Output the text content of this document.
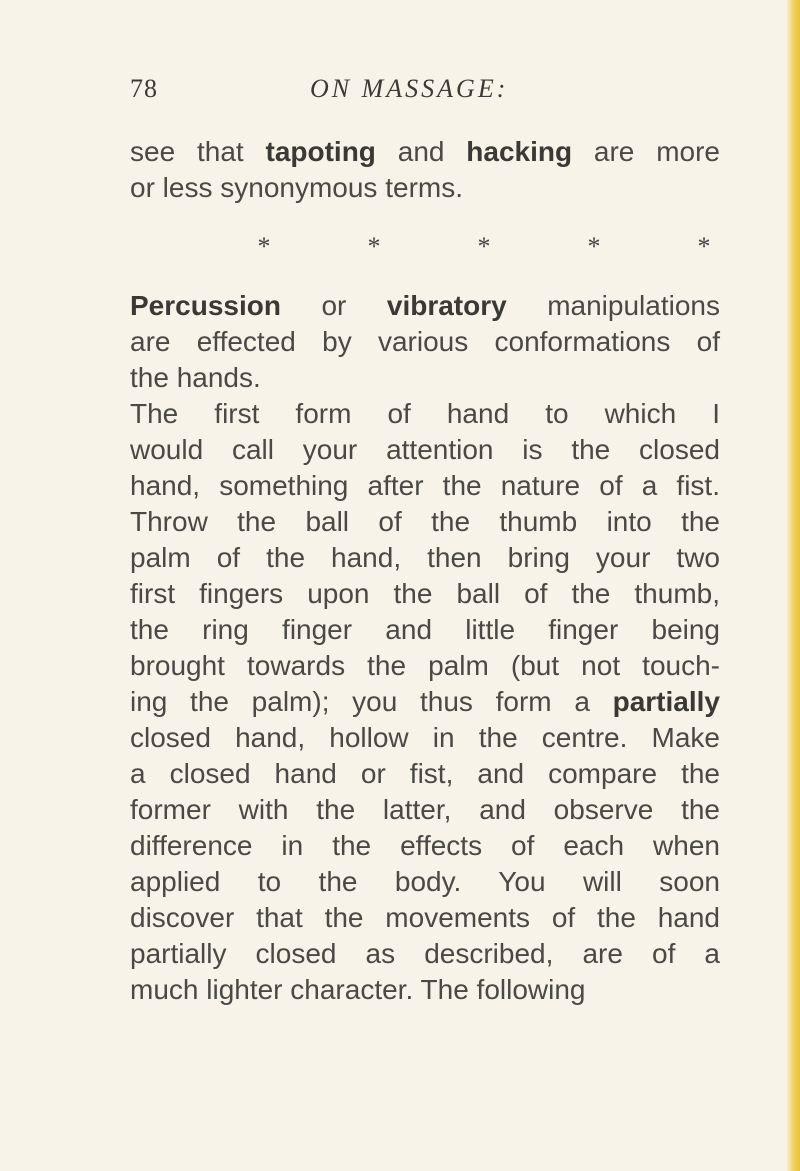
78	ON MASSAGE:
see that tapoting and hacking are more
or less synonymous terms.
*	*	*	*	*
Percussion or vibratory manipulations
are effected by various conformations of
the hands.
The first form of hand to which I
would call your attention is the closed
hand, something after the nature of a fist.
Throw the ball of the thumb into the
palm of the hand, then bring your two
first fingers upon the ball of the thumb,
the ring finger and little finger being
brought towards the palm (but not touch-
ing the palm); you thus form a partially
closed hand, hollow in the centre. Make
a closed hand or fist, and compare the
former with the latter, and observe the
difference in the effects of each when
applied to the body. You will soon
discover that the movements of the hand
partially closed as described, are of a
much lighter character. The following
